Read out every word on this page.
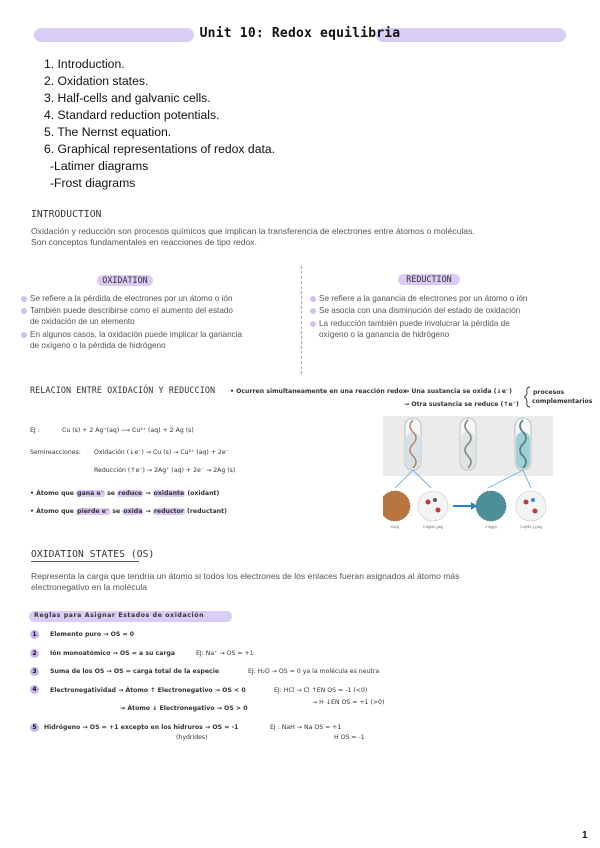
Unit 10: Redox equilibria
1. Introduction.
2. Oxidation states.
3. Half-cells and galvanic cells.
4. Standard reduction potentials.
5. The Nernst equation.
6. Graphical representations of redox data.
-Latimer diagrams
-Frost diagrams
INTRODUCTION
Oxidación y reducción son procesos químicos que implican la transferencia de electrones entre átomos o moléculas.
Son conceptos fundamentales en reacciones de tipo redox.
OXIDATION	REDUCTION
Se refiere a la pérdida de electrones por un átomo o ión
También puede describirse como el aumento del estado
de oxidación de un elemento
En algunos casos, la oxidación puede implicar la ganancia
de oxígeno o la pérdida de hidrógeno
Se refiere a la ganancia de electrones por un átomo o ión
Se asocia con una disminución del estado de oxidación
La reducción también puede involucrar la pérdida de
oxígeno o la ganancia de hidrógeno
RELACION ENTRE OXIDACIÓN Y REDUCCION • Ocurren simultaneamente en una reacción redox
→ Una sustancia se oxida (↓e⁻)
→ Otra sustancia se reduce (↑e⁻)
procesos
complementarios
EJ :	Cu (s) + 2 Ag⁺(aq) ⟶ Cu²⁺ (aq) + 2 Ag (s)
Semireacciones: Oxidación (↓e⁻) → Cu (s) → Cu²⁺ (aq) + 2e⁻
Reducción (↑e⁻) → 2Ag⁺ (aq) + 2e⁻ → 2Ag (s)
• Átomo que gana e⁻ se reduce → oxidante (oxidant)
• Átomo que pierde e⁻ se oxida → reductor (reductant)
Cu(s)	2 AgNO₃(aq)	2 Ag(s)	Cu(NO₃)₂(aq)
OXIDATION STATES (OS)
Representa la carga que tendría un átomo si todos los electrones de los enlaces fueran asignados al átomo más
electronegativo en la molécula
Reglas para Asignar Estados de oxidación
1	Elemento puro → OS = 0
2	Ión monoatómico → OS = a su carga	EJ: Na⁺ → OS = +1
3	Suma de los OS → OS = carga total de la especie	EJ: H₂O → OS = 0 ya la molécula es neutra
4	Electronegatividad → Átomo ↑ Electronegativo → OS < 0
→ Átomo ↓ Electronegativo → OS > 0
EJ: HCl → Cl ↑EN OS = -1 (<0)
→ H ↓EN OS = +1 (>0)
5	Hidrógeno → OS = +1 excepto en los hidruros → OS = -1
(hydrides)
EJ : NaH → Na OS = +1
H OS = -1
1
